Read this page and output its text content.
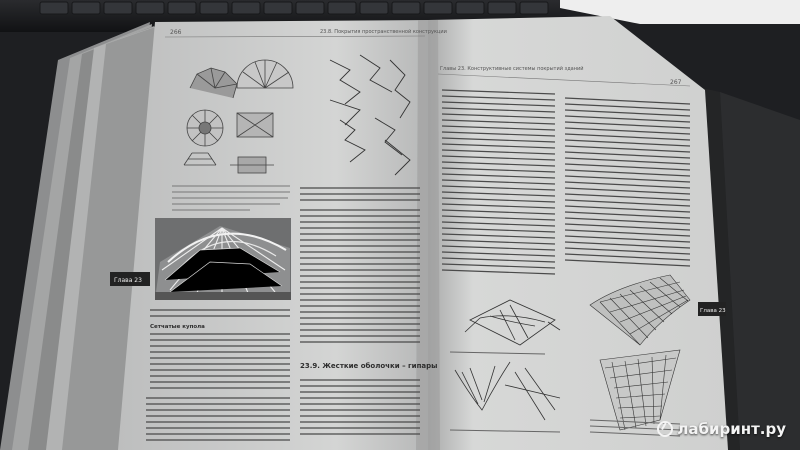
266	23.8. Покрытия пространственной конструкции
23.9. Жесткие оболочки – гипары
Сетчатые купола
Глава 23
Главы 23. Конструктивные системы покрытий зданий
267
Глава 23
лабиринт.ру
